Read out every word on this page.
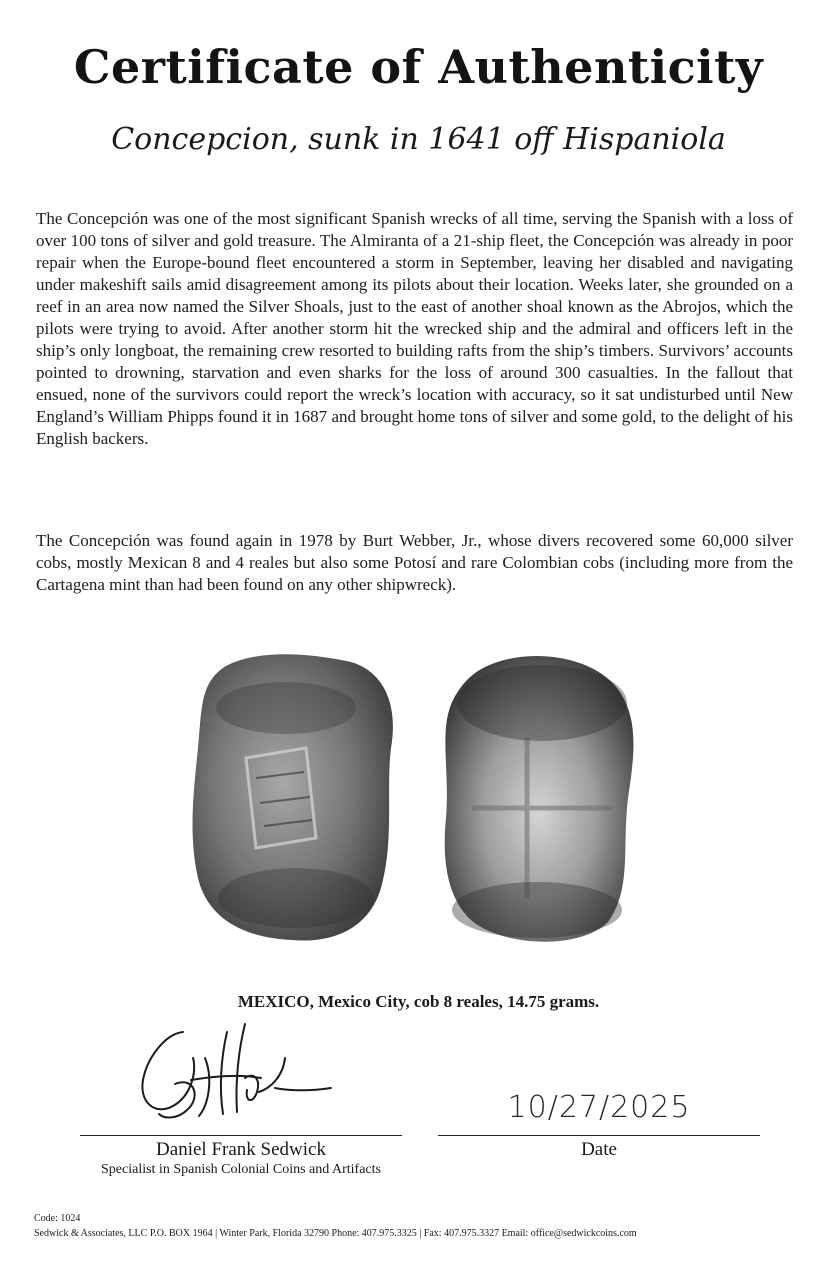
Certificate of Authenticity
Concepcion, sunk in 1641 off Hispaniola

The Concepción was one of the most significant Spanish wrecks of all time, serving the Spanish with a loss of over 100 tons of silver and gold treasure. The Almiranta of a 21-ship fleet, the Concepción was already in poor repair when the Europe-bound fleet encountered a storm in September, leaving her disabled and navigating under makeshift sails amid disagreement among its pilots about their location. Weeks later, she grounded on a reef in an area now named the Silver Shoals, just to the east of another shoal known as the Abrojos, which the pilots were trying to avoid. After another storm hit the wrecked ship and the admiral and officers left in the ship’s only longboat, the remaining crew resorted to building rafts from the ship’s timbers. Survivors’ accounts pointed to drowning, starvation and even sharks for the loss of around 300 casualties. In the fallout that ensued, none of the survivors could report the wreck’s location with accuracy, so it sat undisturbed until New England’s William Phipps found it in 1687 and brought home tons of silver and some gold, to the delight of his English backers.

The Concepción was found again in 1978 by Burt Webber, Jr., whose divers recovered some 60,000 silver cobs, mostly Mexican 8 and 4 reales but also some Potosí and rare Colombian cobs (including more from the Cartagena mint than had been found on any other shipwreck).

MEXICO, Mexico City, cob 8 reales, 14.75 grams.
10/27/2025
Daniel Frank Sedwick
Specialist in Spanish Colonial Coins and Artifacts
Date
Code: 1024
Sedwick & Associates, LLC P.O. BOX 1964 | Winter Park, Florida 32790 Phone: 407.975.3325 | Fax: 407.975.3327 Email: office@sedwickcoins.com
